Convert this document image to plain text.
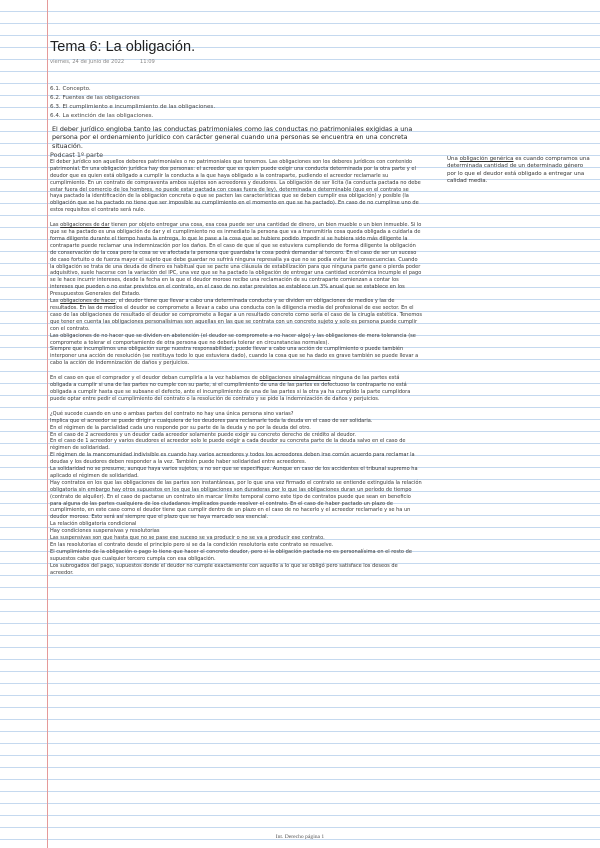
Tema 6: La obligación.
viernes, 24 de junio de 2022	11:09
6.1. Concepto.
6.2. Fuentes de las obligaciones
6.3. El cumplimiento e incumplimiento de las obligaciones.
6.4. La extinción de las obligaciones.
El deber jurídico engloba tanto las conductas patrimoniales como las conductas no patrimoniales exigidas a una persona por el ordenamiento jurídico con carácter general cuando una personas se encuentra en una concreta situación.
Podcast 1º parte

El deber jurídico son aquellos deberes patrimoniales o no patrimoniales que tenemos. Las obligaciones son los deberes jurídicos con contenido patrimonial. En una obligación jurídica hay dos personas: el acreedor que es quien puede exigir una conducta determinada por la otra parte y el deudor que es quien está obligado a cumplir la conducta a la que haya obligado a la contraparte, pudiendo el acreedor reclamarle su cumplimiento. En un contrato de compraventa ambos sujetos son acreedores y deudores. La obligación de ser lícita (la conducta pactada no debe estar fuera del comercio de los hombres, no puede estar pactada con cosas fuera de ley), determinada o determinable (que en el contrato se haya pactado la identificación de la obligación concreta o que se pacten las características que se deben cumplir esa obligación) y posible (la obligación que se ha pactado no tiene que ser imposible su cumplimiento en el momento en que se ha pactado). En caso de no cumplirse uno de estos requisitos el contrato será nulo.

Las obligaciones de dar tienen por objeto entregar una cosa, esa cosa puede ser una cantidad de dinero, un bien mueble o un bien inmueble. Si lo que se ha pactado es una obligación de dar y el cumplimiento no es inmediato la persona que va a transmitirla cosa queda obligada a cuidarla de forma diligente durante el tiempo hasta la entrega, lo que le pase a la cosa que se hubiere podido impedir si se hubiera sido más diligente la contraparte puede reclamar una indemnización por los daños. En el caso de que sí que se estuviera cumpliendo de forma diligente la obligación de conservación de la cosa pero la cosa se ve afectada la persona que guardaba la cosa podrá demandar al tercero. En el caso de ser un suceso de caso fortuito o de fuerza mayor el sujeto que debe guardar no sufrirá ninguna represalia ya que no se podía evitar las consecuencias. Cuando la obligación se trata de una deuda de dinero es habitual que se pacte una cláusula de estabilización para que ninguna parte gane o pierda poder adquisitivo, suele hacerse con la variación del IPC, una vez que se ha pactado la obligación de entregar una cantidad económica incumple el pago se le hace incurrir intereses, desde la fecha en la que el deudor moroso recibe una reclamación de su contraparte comienzan a contar los intereses que pueden o no estar previstos en el contrato, en el caso de no estar previstos se establece un 3% anual que se establece en los Presupuestos Generales del Estado.

Las obligaciones de hacer, el deudor tiene que llevar a cabo una determinada conducta y se dividen en obligaciones de medios y las de resultados. En las de medios el deudor se compromete a llevar a cabo una conducta con la diligencia media del profesional de ese sector. En el caso de las obligaciones de resultado el deudor se compromete a llegar a un resultado concreto como serla el caso de la cirugía estética. Tenemos que tener en cuenta las obligaciones personalísimas son aquellas en las que se contrata con un concreto sujeto y solo es persona puede cumplir con el contrato.

Las obligaciones de no hacer que se dividen en abstención (el deudor se compromete a no hacer algo) y las obligaciones de mera tolerancia (se compromete a tolerar el comportamiento de otra persona que no debería tolerar en circunstancias normales).

Siempre que incumplimos una obligación surge nuestra responsabilidad, puede llevar a cabo una acción de cumplimiento o puede también interponer una acción de resolución (se restituya todo lo que estuviera dado), cuando la cosa que se ha dado es grave también se puede llevar a cabo la acción de indemnización de daños y perjuicios.

En el caso en que el comprador y el deudor deban cumplirla a la vez hablamos de obligaciones sinalagmáticas ninguna de las partes está obligada a cumplir si una de las partes no cumple con su parte, si el cumplimiento de una de las partes es defectuoso la contraparte no está obligada a cumplir hasta que se subsane el defecto, ante el incumplimiento de una de las partes si la otra ya ha cumplido la parte cumplidora puede optar entre pedir el cumplimiento del contrato o la resolución de contrato y se pide la indemnización de daños y perjuicios.

¿Qué sucede cuando en uno o ambas partes del contrato no hay una única persona sino varias?

Implica que el acreedor se puede dirigir a cualquiera de los deudores para reclamarle toda la deuda en el caso de ser solidaria.

En el régimen de la parcialidad cada uno responde por su parte de la deuda y no por la deuda del otro.

En el caso de 2 acreedores y un deudor cada acreedor solamente puede exigir su concreto derecho de crédito al deudor.

En el caso de 1 acreedor y varios deudores el acreedor solo le puede exigir a cada deudor su concreta parte de la deuda salvo en el caso de régimen de solidaridad.

El régimen de la mancomunidad indivisible es cuando hay varios acreedores y todos los acreedores deben irse común acuerdo para reclamar la deudas y los deudores deben responder a la vez. También puede haber solidaridad entre acreedores.

La solidaridad no se presume, aunque haya varios sujetos, a no ser que se especifique. Aunque en caso de los accidentes el tribunal supremo ha aplicado el régimen de solidaridad.

Hay contratos en los que las obligaciones de las partes son instantáneas, por lo que una vez firmado el contrato se entiende extinguida la relación obligatoria sin embargo hay otros supuestos en los que las obligaciones son duraderas por lo que las obligaciones duran un período de tiempo (contrato de alquiler). En el caso de pactarse un contrato sin marcar límite temporal como este tipo de contratos puede que sean en beneficio para alguna de las partes cualquiera de los ciudadanos implicados puede resolver el contrato. En el caso de haber pactado un plazo de cumplimiento, en este caso como el deudor tiene que cumplir dentro de un plazo en el caso de no hacerlo y el acreedor reclamarle y se ha un deudor moroso. Esto será así siempre que el plazo que se haya marcado sea esencial.

La relación obligatoria condicional

Hay condiciones suspensivas y resolutorias

Las suspensivas son que hasta que no se pase ese suceso se va producir o no se va a producir ese contrato.

En las resolutorias el contrato desde el principio pero si se da la condición resolutoria este contrato se resuelve.

El cumplimiento de la obligación o pago lo tiene que hacer el concreto deudor, pero si la obligación pactada no es personalísima en el resto de supuestos cabe que cualquier tercero cumpla con esa obligación.

Los subrogados del pago, supuestos donde el deudor no cumple exactamente con aquello a lo que se obligó pero satisface los deseos de acreedor.

Una obligación genérica es cuando compramos una determinada cantidad de un determinado género por lo que el deudor está obligado a entregar una calidad media.
Int. Derecho página 1
